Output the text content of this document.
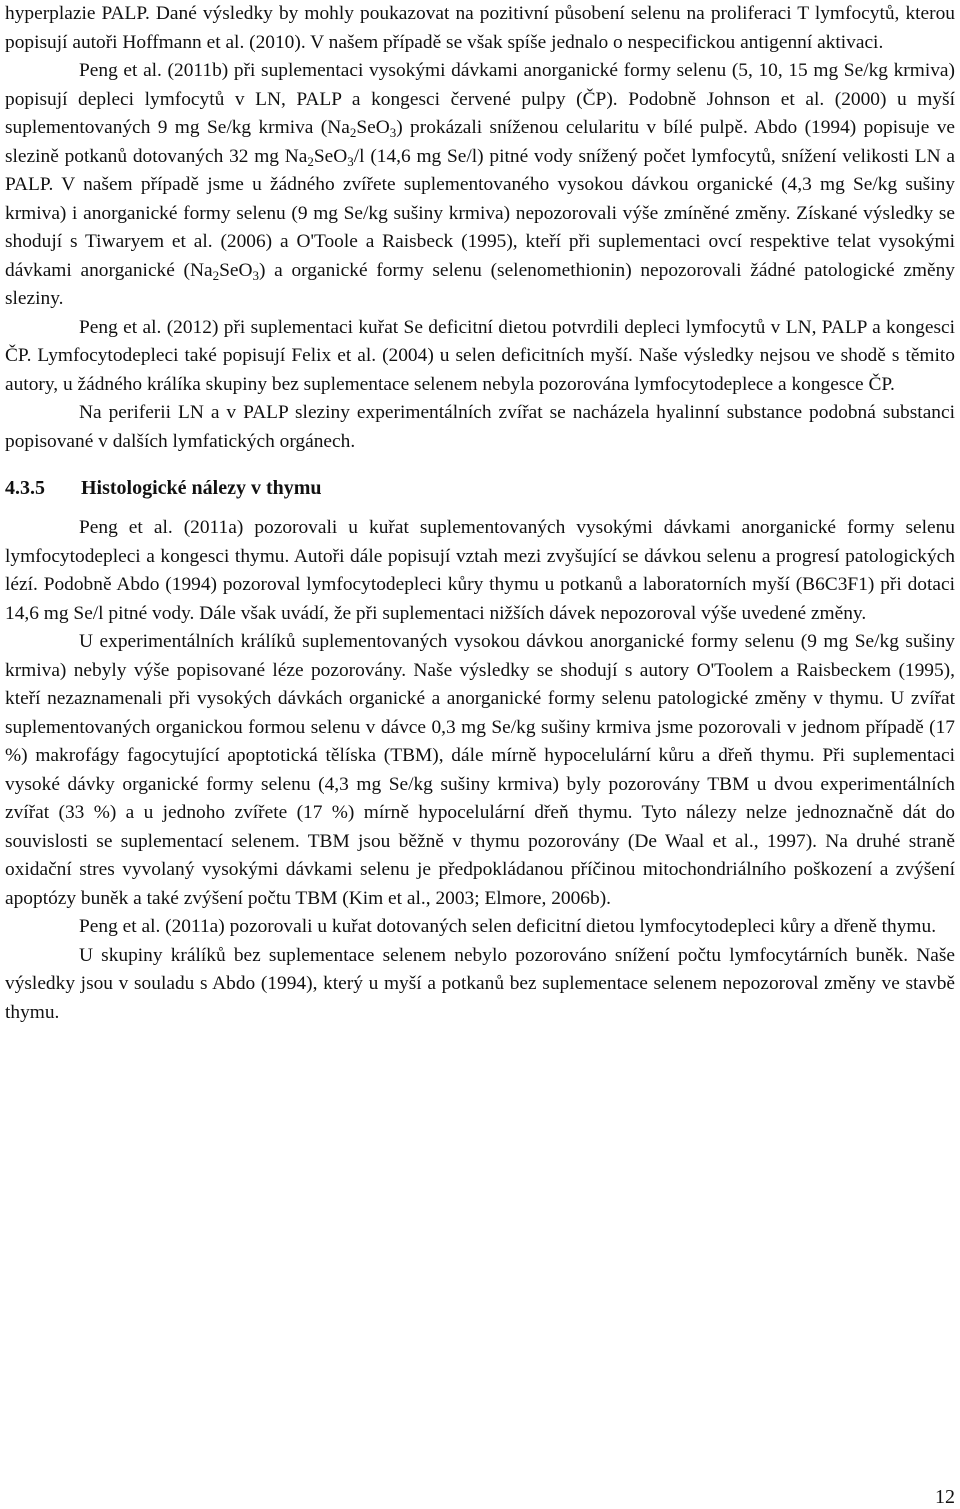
hyperplazie PALP. Dané výsledky by mohly poukazovat na pozitivní působení selenu na proliferaci T lymfocytů, kterou popisují autoři Hoffmann et al. (2010). V našem případě se však spíše jednalo o nespecifickou antigenní aktivaci.

Peng et al. (2011b) při suplementaci vysokými dávkami anorganické formy selenu (5, 10, 15 mg Se/kg krmiva) popisují depleci lymfocytů v LN, PALP a kongesci červené pulpy (ČP). Podobně Johnson et al. (2000) u myší suplementovaných 9 mg Se/kg krmiva $(Na_2SeO_3)$ prokázali sníženou celularitu v bílé pulpě. Abdo (1994) popisuje ve slezině potkanů dotovaných 32 mg $Na_2SeO_3/l$ (14,6 mg Se/l) pitné vody snížený počet lymfocytů, snížení velikosti LN a PALP. V našem případě jsme u žádného zvířete suplementovaného vysokou dávkou organické (4,3 mg Se/kg sušiny krmiva) i anorganické formy selenu (9 mg Se/kg sušiny krmiva) nepozorovali výše zmíněné změny. Získané výsledky se shodují s Tiwaryem et al. (2006) a O'Toole a Raisbeck (1995), kteří při suplementaci ovcí respektive telat vysokými dávkami anorganické $(Na_2SeO_3)$ a organické formy selenu (selenomethionin) nepozorovali žádné patologické změny sleziny.

Peng et al. (2012) při suplementaci kuřat Se deficitní dietou potvrdili depleci lymfocytů v LN, PALP a kongesci ČP. Lymfocytodepleci také popisují Felix et al. (2004) u selen deficitních myší. Naše výsledky nejsou ve shodě s těmito autory, u žádného králíka skupiny bez suplementace selenem nebyla pozorována lymfocytodeplece a kongesce ČP.

Na periferii LN a v PALP sleziny experimentálních zvířat se nacházela hyalinní substance podobná substanci popisované v dalších lymfatických orgánech.

4.3.5 Histologické nálezy v thymu

Peng et al. (2011a) pozorovali u kuřat suplementovaných vysokými dávkami anorganické formy selenu lymfocytodepleci a kongesci thymu. Autoři dále popisují vztah mezi zvyšující se dávkou selenu a progresí patologických lézí. Podobně Abdo (1994) pozoroval lymfocytodepleci kůry thymu u potkanů a laboratorních myší (B6C3F1) při dotaci 14,6 mg Se/l pitné vody. Dále však uvádí, že při suplementaci nižších dávek nepozoroval výše uvedené změny.

U experimentálních králíků suplementovaných vysokou dávkou anorganické formy selenu (9 mg Se/kg sušiny krmiva) nebyly výše popisované léze pozorovány. Naše výsledky se shodují s autory O'Toolem a Raisbeckem (1995), kteří nezaznamenali při vysokých dávkách organické a anorganické formy selenu patologické změny v thymu. U zvířat suplementovaných organickou formou selenu v dávce 0,3 mg Se/kg sušiny krmiva jsme pozorovali v jednom případě (17 %) makrofágy fagocytující apoptotická tělíska (TBM), dále mírně hypocelulární kůru a dřeň thymu. Při suplementaci vysoké dávky organické formy selenu (4,3 mg Se/kg sušiny krmiva) byly pozorovány TBM u dvou experimentálních zvířat (33 %) a u jednoho zvířete (17 %) mírně hypocelulární dřeň thymu. Tyto nálezy nelze jednoznačně dát do souvislosti se suplementací selenem. TBM jsou běžně v thymu pozorovány (De Waal et al., 1997). Na druhé straně oxidační stres vyvolaný vysokými dávkami selenu je předpokládanou příčinou mitochondriálního poškození a zvýšení apoptózy buněk a také zvýšení počtu TBM (Kim et al., 2003; Elmore, 2006b).

Peng et al. (2011a) pozorovali u kuřat dotovaných selen deficitní dietou lymfocytodepleci kůry a dřeně thymu.

U skupiny králíků bez suplementace selenem nebylo pozorováno snížení počtu lymfocytárních buněk. Naše výsledky jsou v souladu s Abdo (1994), který u myší a potkanů bez suplementace selenem nepozoroval změny ve stavbě thymu.

12
